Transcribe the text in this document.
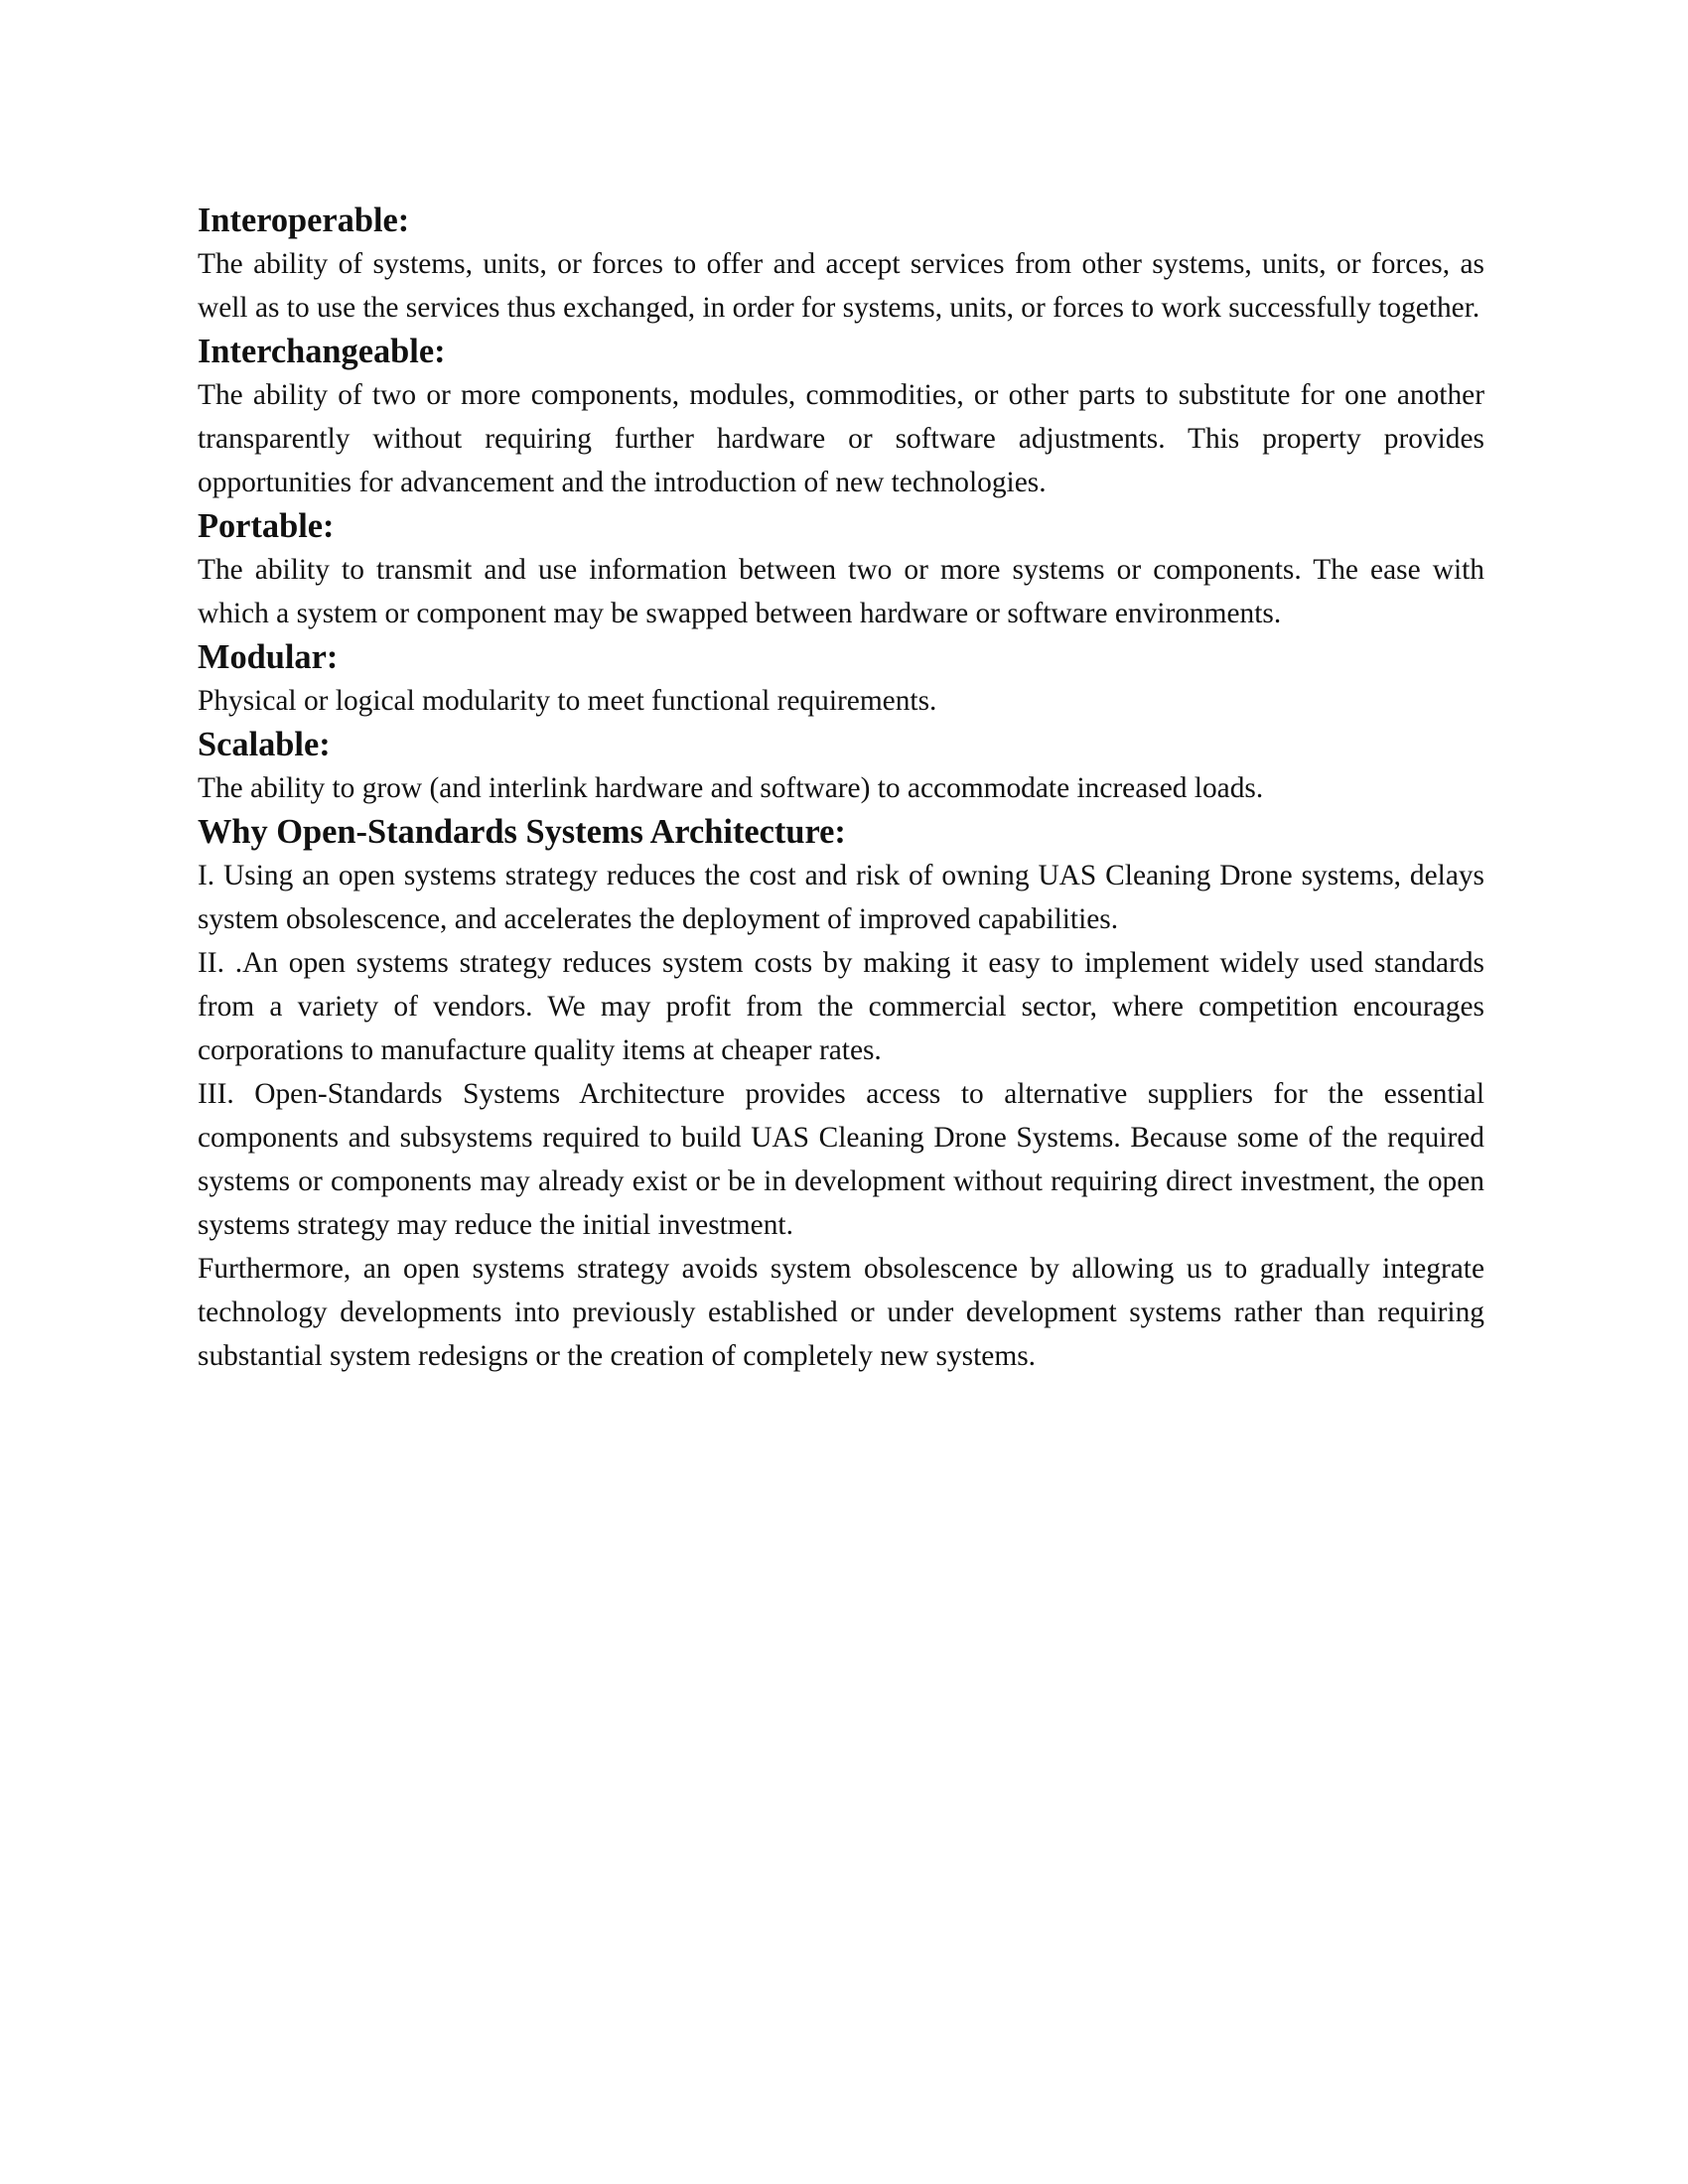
Interoperable:

The ability of systems, units, or forces to offer and accept services from other systems, units, or forces, as well as to use the services thus exchanged, in order for systems, units, or forces to work successfully together.

Interchangeable:

The ability of two or more components, modules, commodities, or other parts to substitute for one another transparently without requiring further hardware or software adjustments. This property provides opportunities for advancement and the introduction of new technologies.

Portable:

The ability to transmit and use information between two or more systems or components. The ease with which a system or component may be swapped between hardware or software environments.

Modular:

Physical or logical modularity to meet functional requirements.

Scalable:

The ability to grow (and interlink hardware and software) to accommodate increased loads.

Why Open-Standards Systems Architecture:

I. Using an open systems strategy reduces the cost and risk of owning UAS Cleaning Drone systems, delays system obsolescence, and accelerates the deployment of improved capabilities.

II. .An open systems strategy reduces system costs by making it easy to implement widely used standards from a variety of vendors. We may profit from the commercial sector, where competition encourages corporations to manufacture quality items at cheaper rates.

III. Open-Standards Systems Architecture provides access to alternative suppliers for the essential components and subsystems required to build UAS Cleaning Drone Systems. Because some of the required systems or components may already exist or be in development without requiring direct investment, the open systems strategy may reduce the initial investment.

Furthermore, an open systems strategy avoids system obsolescence by allowing us to gradually integrate technology developments into previously established or under development systems rather than requiring substantial system redesigns or the creation of completely new systems.
